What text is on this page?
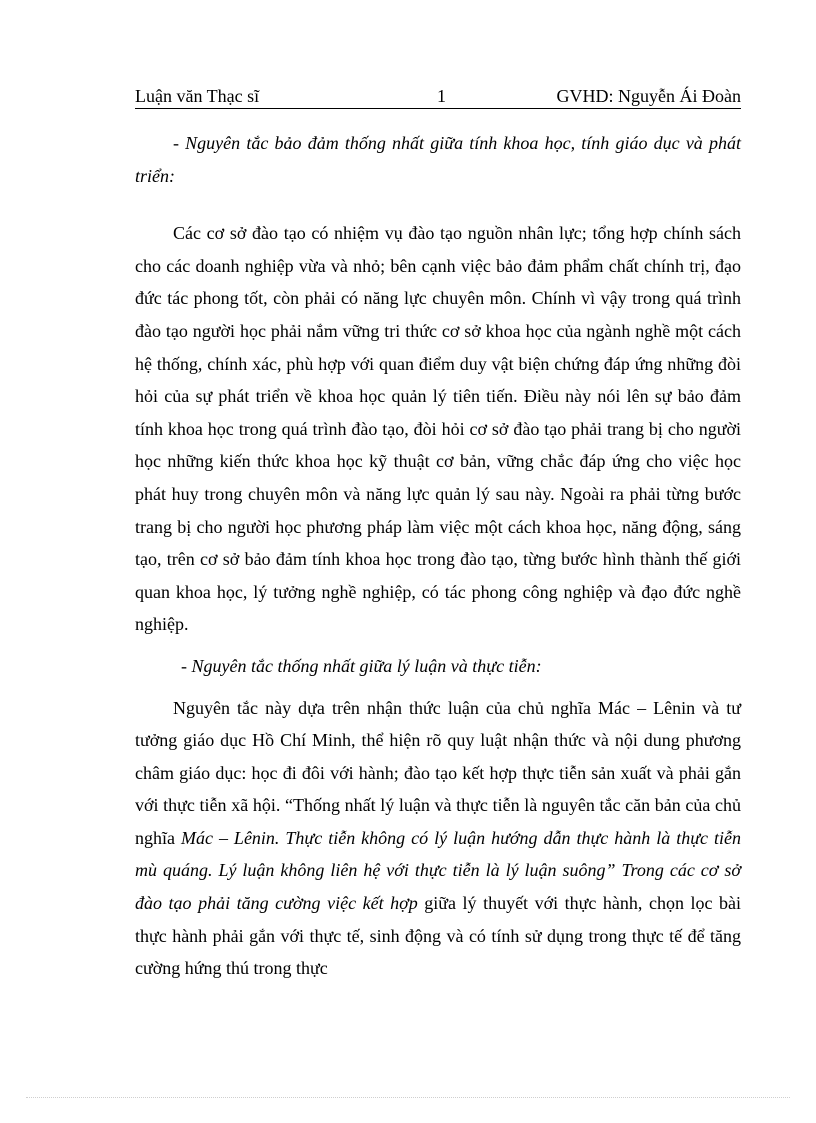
Luận văn Thạc sĩ	1	GVHD: Nguyễn Ái Đoàn

- Nguyên tắc bảo đảm thống nhất giữa tính khoa học, tính giáo dục và phát triển:

Các cơ sở đào tạo có nhiệm vụ đào tạo nguồn nhân lực; tổng hợp chính sách cho các doanh nghiệp vừa và nhỏ; bên cạnh việc bảo đảm phẩm chất chính trị, đạo đức tác phong tốt, còn phải có năng lực chuyên môn. Chính vì vậy trong quá trình đào tạo người học phải nắm vững tri thức cơ sở khoa học của ngành nghề một cách hệ thống, chính xác, phù hợp với quan điểm duy vật biện chứng đáp ứng những đòi hỏi của sự phát triển về khoa học quản lý tiên tiến. Điều này nói lên sự bảo đảm tính khoa học trong quá trình đào tạo, đòi hỏi cơ sở đào tạo phải trang bị cho người học những kiến thức khoa học kỹ thuật cơ bản, vững chắc đáp ứng cho việc học phát huy trong chuyên môn và năng lực quản lý sau này. Ngoài ra phải từng bước trang bị cho người học phương pháp làm việc một cách khoa học, năng động, sáng tạo, trên cơ sở bảo đảm tính khoa học trong đào tạo, từng bước hình thành thế giới quan khoa học, lý tưởng nghề nghiệp, có tác phong công nghiệp và đạo đức nghề nghiệp.

- Nguyên tắc thống nhất giữa lý luận và thực tiễn:

Nguyên tắc này dựa trên nhận thức luận của chủ nghĩa Mác – Lênin và tư tưởng giáo dục Hồ Chí Minh, thể hiện rõ quy luật nhận thức và nội dung phương châm giáo dục: học đi đôi với hành; đào tạo kết hợp thực tiễn sản xuất và phải gắn với thực tiễn xã hội. “Thống nhất lý luận và thực tiễn là nguyên tắc căn bản của chủ nghĩa Mác – Lênin. Thực tiễn không có lý luận hướng dẫn thực hành là thực tiễn mù quáng. Lý luận không liên hệ với thực tiễn là lý luận suông” Trong các cơ sở đào tạo phải tăng cường việc kết hợp giữa lý thuyết với thực hành, chọn lọc bài thực hành phải gắn với thực tế, sinh động và có tính sử dụng trong thực tế để tăng cường hứng thú trong thực
